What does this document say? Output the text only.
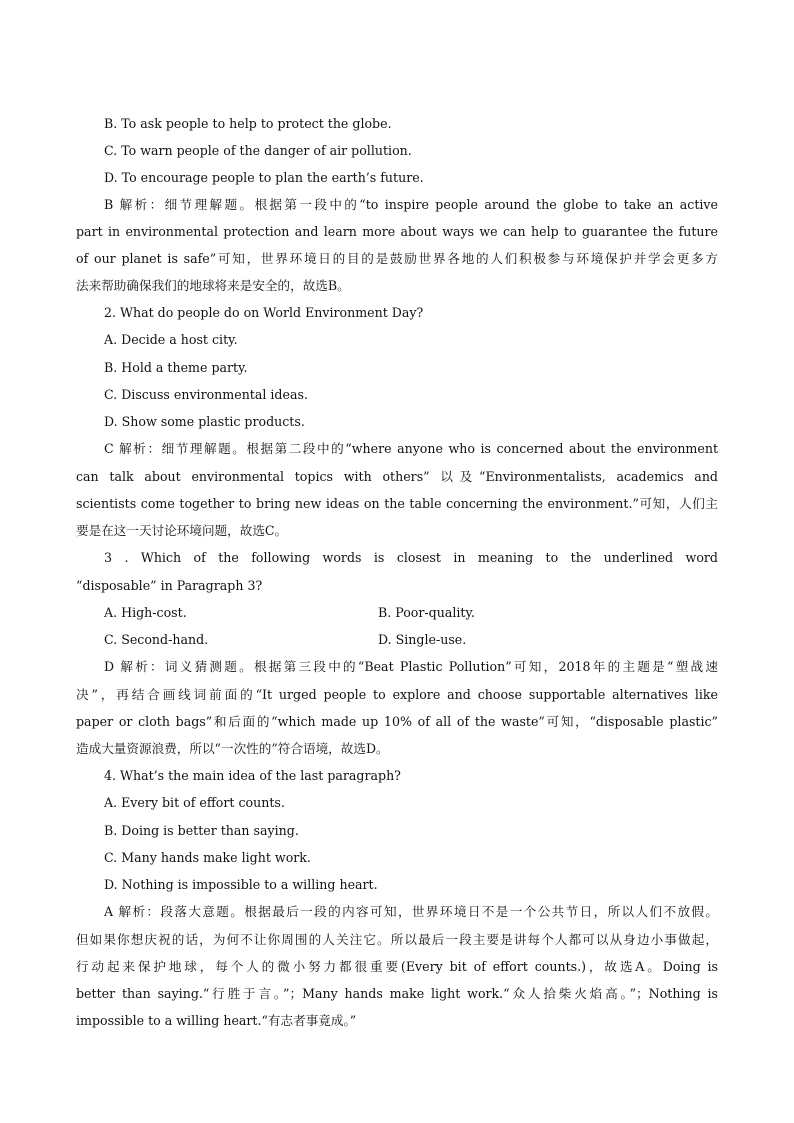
B. To ask people to help to protect the globe.
C. To warn people of the danger of air pollution.
D. To encourage people to plan the earth’s future.
B 解析：细节理解题。根据第一段中的“to inspire people around the globe to take an active
part in environmental protection and learn more about ways we can help to guarantee the future
of our planet is safe”可知，世界环境日的目的是鼓励世界各地的人们积极参与环境保护并学会更多方
法来帮助确保我们的地球将来是安全的，故选B。
2. What do people do on World Environment Day?
A. Decide a host city.
B. Hold a theme party.
C. Discuss environmental ideas.
D. Show some plastic products.
C 解析：细节理解题。根据第二段中的“where anyone who is concerned about the environment
can talk about environmental topics with others” 以及“Environmentalists, academics and
scientists come together to bring new ideas on the table concerning the environment.”可知，人们主
要是在这一天讨论环境问题，故选C。
3 . Which of the following words is closest in meaning to the underlined word
“disposable” in Paragraph 3?
A. High-cost.	B. Poor-quality.
C. Second-hand.	D. Single-use.
D 解析：词义猜测题。根据第三段中的“Beat Plastic Pollution”可知，2018年的主题是“塑战速
决”，再结合画线词前面的“It urged people to explore and choose supportable alternatives like
paper or cloth bags”和后面的“which made up 10% of all of the waste”可知，“disposable plastic”
造成大量资源浪费，所以“一次性的”符合语境，故选D。
4. What’s the main idea of the last paragraph?
A. Every bit of effort counts.
B. Doing is better than saying.
C. Many hands make light work.
D. Nothing is impossible to a willing heart.
A 解析：段落大意题。根据最后一段的内容可知，世界环境日不是一个公共节日，所以人们不放假。
但如果你想庆祝的话，为何不让你周围的人关注它。所以最后一段主要是讲每个人都可以从身边小事做起，
行动起来保护地球，每个人的微小努力都很重要(Every bit of effort counts.)，故选A。Doing is
better than saying.“行胜于言。”；Many hands make light work.“众人拾柴火焰高。”；Nothing is
impossible to a willing heart.“有志者事竟成。”
